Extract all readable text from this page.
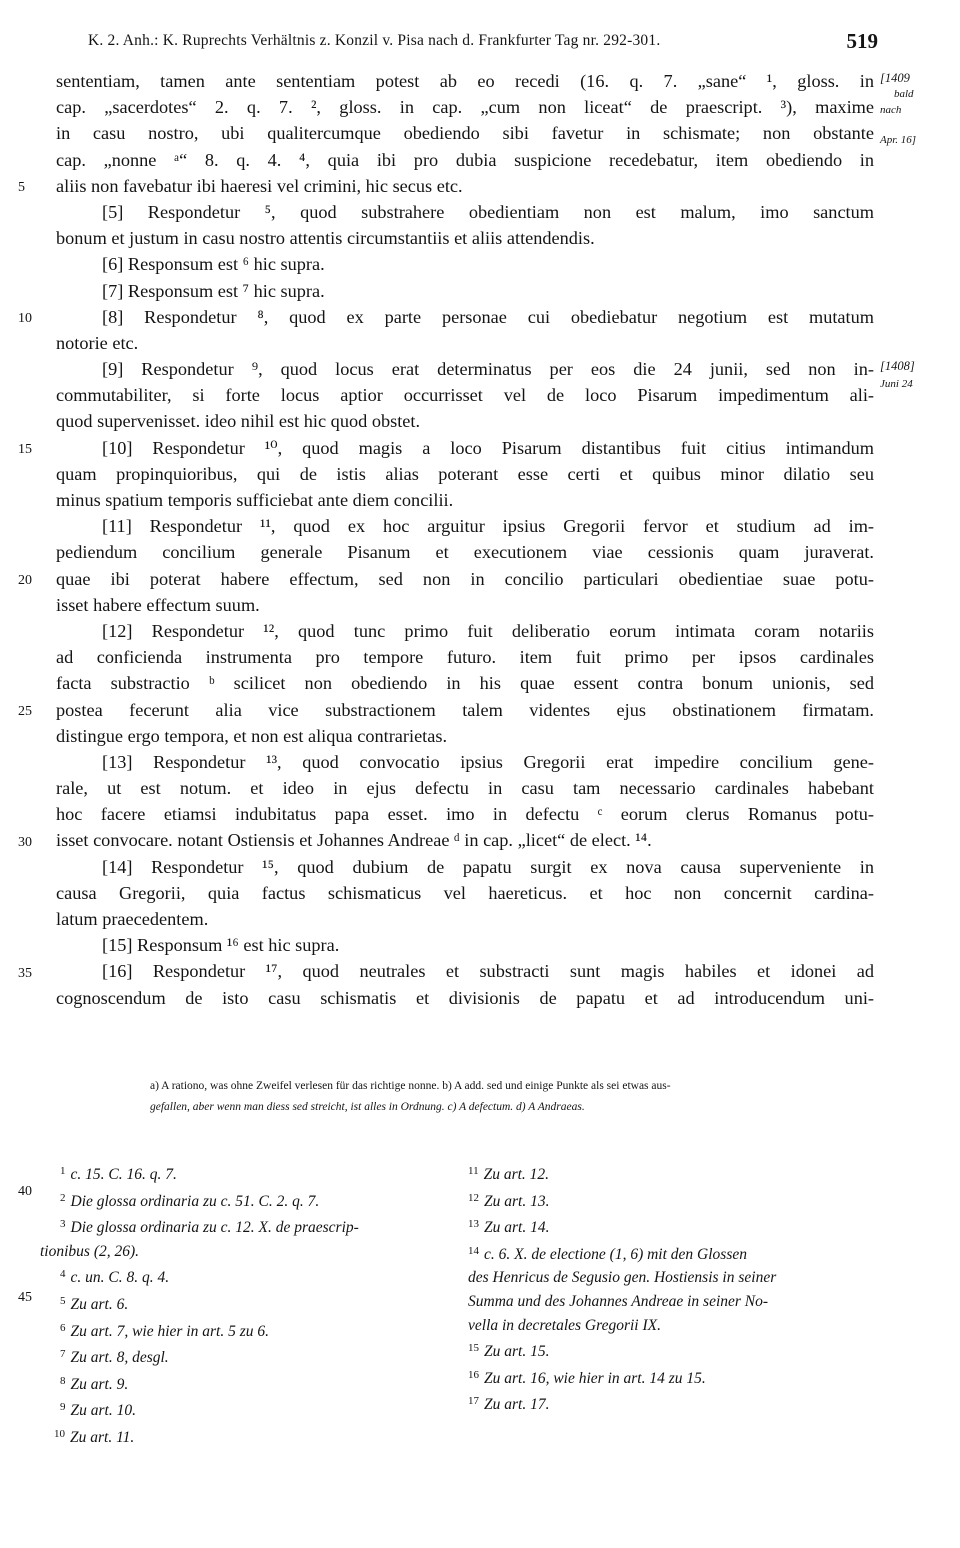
K. 2. Anh.: K. Ruprechts Verhältnis z. Konzil v. Pisa nach d. Frankfurter Tag nr. 292-301.	519
[1409
bald
nach
Apr. 16]
[1408]
Juni 24
5
10
15
20
25
30
35
40
45
sententiam, tamen ante sententiam potest ab eo recedi (16. q. 7. „sane“ ¹, gloss. in
cap. „sacerdotes“ 2. q. 7. ², gloss. in cap. „cum non liceat“ de praescript. ³), maxime
in casu nostro, ubi qualitercumque obediendo sibi favetur in schismate; non obstante
cap. „nonne ᵃ“ 8. q. 4. ⁴, quia ibi pro dubia suspicione recedebatur, item obediendo in
aliis non favebatur ibi haeresi vel crimini, hic secus etc.
[5] Respondetur ⁵, quod substrahere obedientiam non est malum, imo sanctum
bonum et justum in casu nostro attentis circumstantiis et aliis attendendis.
[6] Responsum est ⁶ hic supra.
[7] Responsum est ⁷ hic supra.
[8] Respondetur ⁸, quod ex parte personae cui obediebatur negotium est mutatum
notorie etc.
[9] Respondetur ⁹, quod locus erat determinatus per eos die 24 junii, sed non in-
commutabiliter, si forte locus aptior occurrisset vel de loco Pisarum impedimentum ali-
quod supervenisset. ideo nihil est hic quod obstet.
[10] Respondetur ¹⁰, quod magis a loco Pisarum distantibus fuit citius intimandum
quam propinquioribus, qui de istis alias poterant esse certi et quibus minor dilatio seu
minus spatium temporis sufficiebat ante diem concilii.
[11] Respondetur ¹¹, quod ex hoc arguitur ipsius Gregorii fervor et studium ad im-
pediendum concilium generale Pisanum et executionem viae cessionis quam juraverat.
quae ibi poterat habere effectum, sed non in concilio particulari obedientiae suae potu-
isset habere effectum suum.
[12] Respondetur ¹², quod tunc primo fuit deliberatio eorum intimata coram notariis
ad conficienda instrumenta pro tempore futuro. item fuit primo per ipsos cardinales
facta substractio ᵇ scilicet non obediendo in his quae essent contra bonum unionis, sed
postea fecerunt alia vice substractionem talem videntes ejus obstinationem firmatam.
distingue ergo tempora, et non est aliqua contrarietas.
[13] Respondetur ¹³, quod convocatio ipsius Gregorii erat impedire concilium gene-
rale, ut est notum. et ideo in ejus defectu in casu tam necessario cardinales habebant
hoc facere etiamsi indubitatus papa esset. imo in defectu ᶜ eorum clerus Romanus potu-
isset convocare. notant Ostiensis et Johannes Andreae ᵈ in cap. „licet“ de elect. ¹⁴.
[14] Respondetur ¹⁵, quod dubium de papatu surgit ex nova causa superveniente in
causa Gregorii, quia factus schismaticus vel haereticus. et hoc non concernit cardina-
latum praecedentem.
[15] Responsum ¹⁶ est hic supra.
[16] Respondetur ¹⁷, quod neutrales et substracti sunt magis habiles et idonei ad
cognoscendum de isto casu schismatis et divisionis de papatu et ad introducendum uni-
a) A rationo, was ohne Zweifel verlesen für das richtige nonne. b) A add. sed und einige Punkte als sei etwas aus-
gefallen, aber wenn man diess sed streicht, ist alles in Ordnung. c) A defectum. d) A Andraeas.
$^1$ c. 15. C. 16. q. 7.
$^2$ Die glossa ordinaria zu c. 51. C. 2. q. 7.
$^3$ Die glossa ordinaria zu c. 12. X. de praescrip-
tionibus (2, 26).
$^4$ c. un. C. 8. q. 4.
$^5$ Zu art. 6.
$^6$ Zu art. 7, wie hier in art. 5 zu 6.
$^7$ Zu art. 8, desgl.
$^8$ Zu art. 9.
$^9$ Zu art. 10.
$^{10}$ Zu art. 11.
$^{11}$ Zu art. 12.
$^{12}$ Zu art. 13.
$^{13}$ Zu art. 14.
$^{14}$ c. 6. X. de electione (1, 6) mit den Glossen
des Henricus de Segusio gen. Hostiensis in seiner
Summa und des Johannes Andreae in seiner No-
vella in decretales Gregorii IX.
$^{15}$ Zu art. 15.
$^{16}$ Zu art. 16, wie hier in art. 14 zu 15.
$^{17}$ Zu art. 17.
